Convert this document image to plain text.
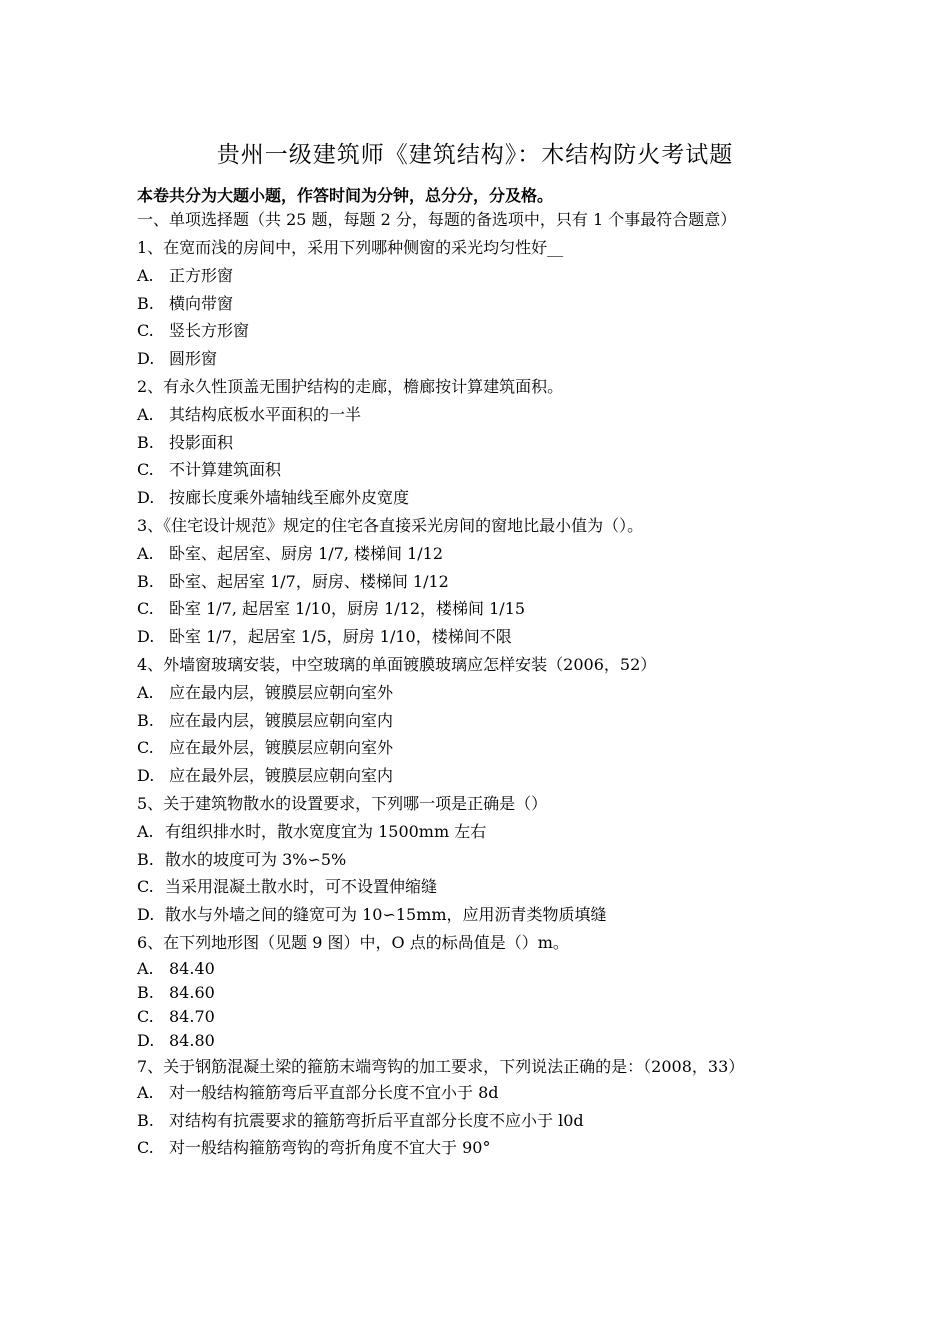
贵州一级建筑师《建筑结构》：木结构防火考试题

本卷共分为大题小题，作答时间为分钟，总分分，分及格。

一、单项选择题（共 25 题，每题 2 分，每题的备选项中，只有 1 个事最符合题意）

1、在宽而浅的房间中，采用下列哪种侧窗的采光均匀性好__

A. 正方形窗

B. 横向带窗

C. 竖长方形窗

D. 圆形窗

2、有永久性顶盖无围护结构的走廊，檐廊按计算建筑面积。

A. 其结构底板水平面积的一半

B. 投影面积

C. 不计算建筑面积

D. 按廊长度乘外墙轴线至廊外皮宽度

3、《住宅设计规范》规定的住宅各直接采光房间的窗地比最小值为（）。

A. 卧室、起居室、厨房 1/7, 楼梯间 1/12

B. 卧室、起居室 1/7，厨房、楼梯间 1/12

C. 卧室 1/7, 起居室 1/10，厨房 1/12，楼梯间 1/15

D. 卧室 1/7，起居室 1/5，厨房 1/10，楼梯间不限

4、外墙窗玻璃安装，中空玻璃的单面镀膜玻璃应怎样安装（2006，52）

A. 应在最内层，镀膜层应朝向室外

B. 应在最内层，镀膜层应朝向室内

C. 应在最外层，镀膜层应朝向室外

D. 应在最外层，镀膜层应朝向室内

5、关于建筑物散水的设置要求，下列哪一项是正确是（）

A. 有组织排水时，散水宽度宜为 1500mm 左右

B. 散水的坡度可为 3%∽5%

C. 当采用混凝土散水时，可不设置伸缩缝

D. 散水与外墙之间的缝宽可为 10∽15mm，应用沥青类物质填缝

6、在下列地形图（见题 9 图）中，O 点的标咼值是（）m。

A. 84.40

B. 84.60

C. 84.70

D. 84.80

7、关于钢筋混凝土梁的箍筋末端弯钩的加工要求，下列说法正确的是：（2008，33）

A. 对一般结构箍筋弯后平直部分长度不宜小于 8d

B. 对结构有抗震要求的箍筋弯折后平直部分长度不应小于 l0d

C. 对一般结构箍筋弯钩的弯折角度不宜大于 90°
